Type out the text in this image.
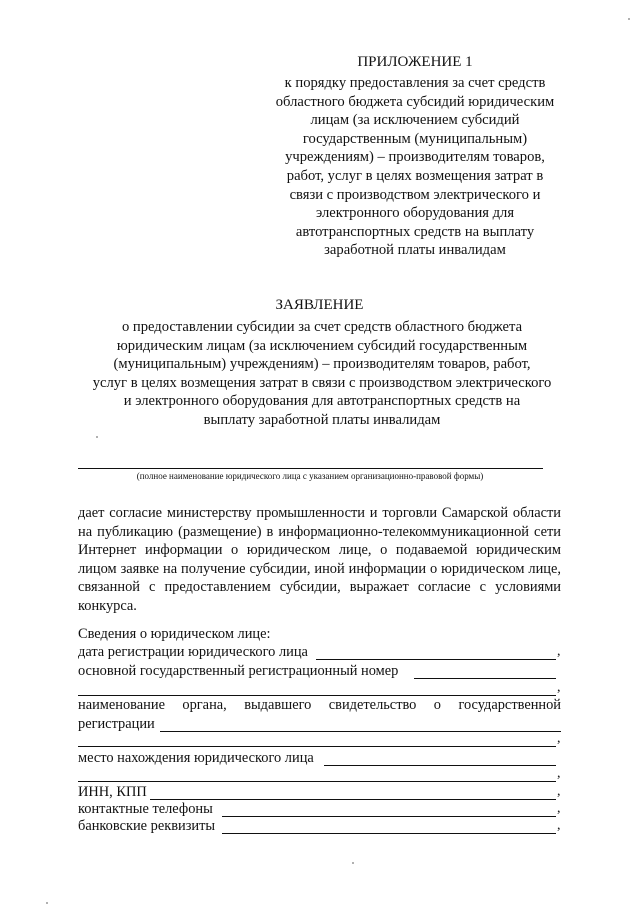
ПРИЛОЖЕНИЕ 1
к порядку предоставления за счет средств
областного бюджета субсидий юридическим
лицам (за исключением субсидий
государственным (муниципальным)
учреждениям) – производителям товаров,
работ, услуг в целях возмещения затрат в
связи с производством электрического и
электронного оборудования для
автотранспортных средств на выплату
заработной платы инвалидам
ЗАЯВЛЕНИЕ
о предоставлении субсидии за счет средств областного бюджета
юридическим лицам (за исключением субсидий государственным
(муниципальным) учреждениям) – производителям товаров, работ,
услуг в целях возмещения затрат в связи с производством электрического
и электронного оборудования для автотранспортных средств на
выплату заработной платы инвалидам
(полное наименование юридического лица с указанием организационно-правовой формы)
дает согласие министерству промышленности и торговли Самарской области на публикацию (размещение) в информационно-телекоммуникационной сети Интернет информации о юридическом лице, о подаваемой юридическим лицом заявке на получение субсидии, иной информации о юридическом лице, связанной с предоставлением субсидии, выражает согласие с условиями конкурса.
Сведения о юридическом лице:
дата регистрации юридического лица	,
основной государственный регистрационный номер
,
наименование органа, выдавшего свидетельство о государственной
регистрации
,
место нахождения юридического лица
,
ИНН, КПП	,
контактные телефоны	,
банковские реквизиты	,
